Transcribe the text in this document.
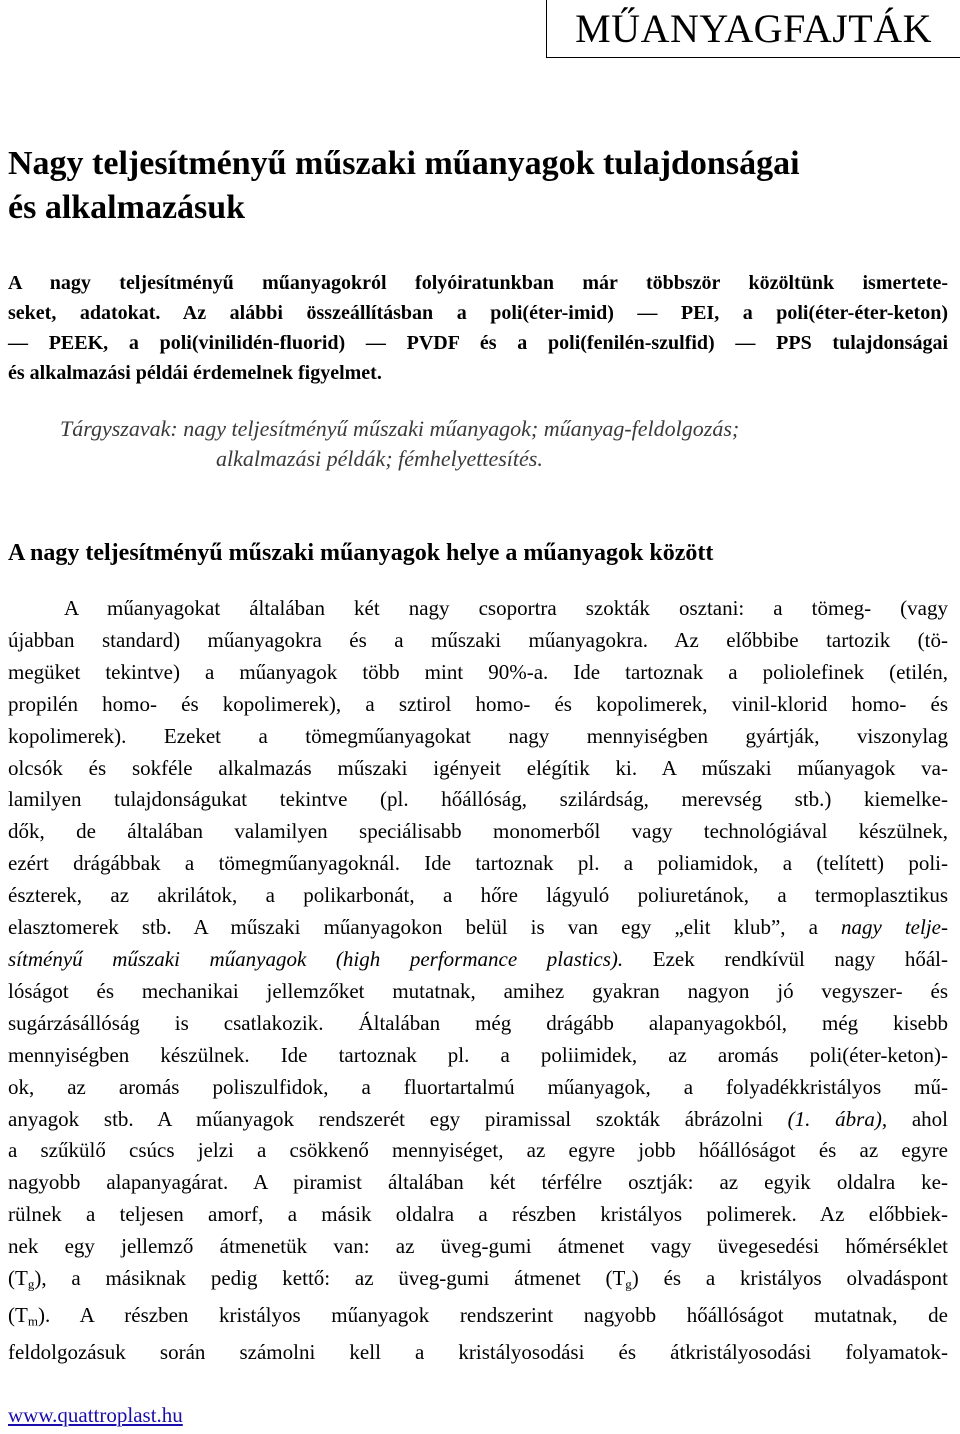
MŰANYAGFAJTÁK
Nagy teljesítményű műszaki műanyagok tulajdonságai
és alkalmazásuk

A nagy teljesítményű műanyagokról folyóiratunkban már többször közöltünk ismertete-
seket, adatokat. Az alábbi összeállításban a poli(éter-imid) ― PEI, a poli(éter-éter-keton)
― PEEK, a poli(vinilidén-fluorid) ― PVDF és a poli(fenilén-szulfid) ― PPS tulajdonságai
és alkalmazási példái érdemelnek figyelmet.

Tárgyszavak: nagy teljesítményű műszaki műanyagok; műanyag-feldolgozás;
alkalmazási példák; fémhelyettesítés.

A nagy teljesítményű műszaki műanyagok helye a műanyagok között
A műanyagokat általában két nagy csoportra szokták osztani: a tömeg- (vagy
újabban standard) műanyagokra és a műszaki műanyagokra. Az előbbibe tartozik (tö-
megüket tekintve) a műanyagok több mint 90%-a. Ide tartoznak a poliolefinek (etilén,
propilén homo- és kopolimerek), a sztirol homo- és kopolimerek, vinil-klorid homo- és
kopolimerek). Ezeket a tömegműanyagokat nagy mennyiségben gyártják, viszonylag
olcsók és sokféle alkalmazás műszaki igényeit elégítik ki. A műszaki műanyagok va-
lamilyen tulajdonságukat tekintve (pl. hőállóság, szilárdság, merevség stb.) kiemelke-
dők, de általában valamilyen speciálisabb monomerből vagy technológiával készülnek,
ezért drágábbak a tömegműanyagoknál. Ide tartoznak pl. a poliamidok, a (telített) poli-
észterek, az akrilátok, a polikarbonát, a hőre lágyuló poliuretánok, a termoplasztikus
elasztomerek stb. A műszaki műanyagokon belül is van egy „elit klub”, a nagy telje-
sítményű műszaki műanyagok (high performance plastics). Ezek rendkívül nagy hőál-
lóságot és mechanikai jellemzőket mutatnak, amihez gyakran nagyon jó vegyszer- és
sugárzásállóság is csatlakozik. Általában még drágább alapanyagokból, még kisebb
mennyiségben készülnek. Ide tartoznak pl. a poliimidek, az aromás poli(éter-keton)-
ok, az aromás poliszulfidok, a fluortartalmú műanyagok, a folyadékkristályos mű-
anyagok stb. A műanyagok rendszerét egy piramissal szokták ábrázolni (1. ábra), ahol
a szűkülő csúcs jelzi a csökkenő mennyiséget, az egyre jobb hőállóságot és az egyre
nagyobb alapanyagárat. A piramist általában két térfélre osztják: az egyik oldalra ke-
rülnek a teljesen amorf, a másik oldalra a részben kristályos polimerek. Az előbbiek-
nek egy jellemző átmenetük van: az üveg-gumi átmenet vagy üvegesedési hőmérséklet
$(T_g)$, a másiknak pedig kettő: az üveg-gumi átmenet $(T_g)$ és a kristályos olvadáspont
$(T_m)$. A részben kristályos műanyagok rendszerint nagyobb hőállóságot mutatnak, de
feldolgozásuk során számolni kell a kristályosodási és átkristályosodási folyamatok-
www.quattroplast.hu
